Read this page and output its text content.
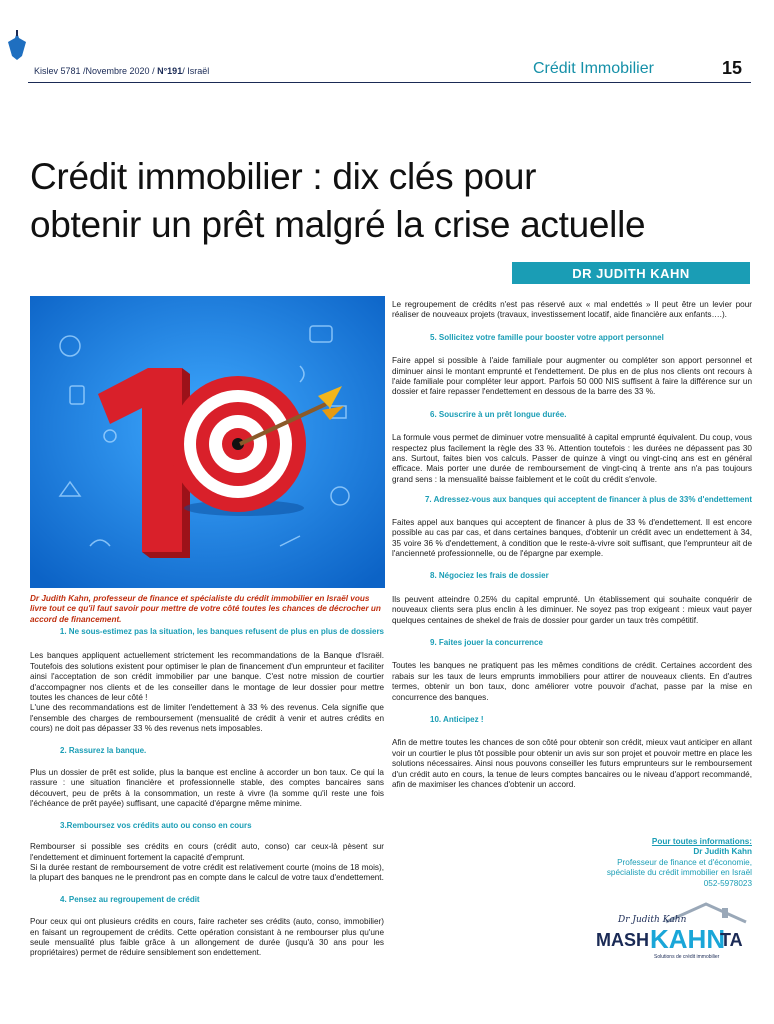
Kislev 5781 /Novembre 2020 / N°191/ Israël	Crédit Immobilier	15
Crédit immobilier : dix clés pour
obtenir un prêt malgré la crise actuelle
DR JUDITH KAHN
Dr Judith Kahn, professeur de finance et spécialiste du crédit immobilier en Israël vous livre tout ce qu'il faut savoir pour mettre de votre côté toutes les chances de décrocher un accord de financement.

1. Ne sous-estimez pas la situation, les banques refusent de plus en plus de dossiers

Les banques appliquent actuellement strictement les recommandations de la Banque d'Israël. Toutefois des solutions existent pour optimiser le plan de financement d'un emprunteur et faciliter ainsi l'acceptation de son crédit immobilier par une banque. C'est notre mission de courtier d'accompagner nos clients et de les conseiller dans le montage de leur dossier pour mettre toutes les chances de leur côté !

L'une des recommandations est de limiter l'endettement à 33 % des revenus. Cela signifie que l'ensemble des charges de remboursement (mensualité de crédit à venir et autres crédits en cours) ne doit pas dépasser 33 % des revenus nets imposables.

2. Rassurez la banque.

Plus un dossier de prêt est solide, plus la banque est encline à accorder un bon taux. Ce qui la rassure : une situation financière et professionnelle stable, des comptes bancaires sans découvert, peu de prêts à la consommation, un reste à vivre (la somme qu'il reste une fois l'échéance de prêt payée) suffisant, une capacité d'épargne même minime.

3.Remboursez vos crédits auto ou conso en cours

Rembourser si possible ses crédits en cours (crédit auto, conso) car ceux-là pèsent sur l'endettement et diminuent fortement la capacité d'emprunt.

Si la durée restant de remboursement de votre crédit est relativement courte (moins de 18 mois), la plupart des banques ne le prendront pas en compte dans le calcul de votre taux d'endettement.

4. Pensez au regroupement de crédit

Pour ceux qui ont plusieurs crédits en cours, faire racheter ses crédits (auto, conso, immobilier) en faisant un regroupement de crédits. Cette opération consistant à ne rembourser plus qu'une seule mensualité plus faible grâce à un allongement de durée (jusqu'à 30 ans pour les propriétaires) permet de réduire sensiblement son endettement.

Le regroupement de crédits n'est pas réservé aux « mal endettés » Il peut être un levier pour réaliser de nouveaux projets (travaux, investissement locatif, aide financière aux enfants….).

5. Sollicitez votre famille pour booster votre apport personnel

Faire appel si possible à l'aide familiale pour augmenter ou compléter son apport personnel et diminuer ainsi le montant emprunté et l'endettement. De plus en de plus nos clients ont recours à l'aide familiale pour compléter leur apport. Parfois 50 000 NIS suffisent à faire la différence sur un dossier et faire repasser l'endettement en dessous de la barre des 33 %.

6. Souscrire à un prêt longue durée.

La formule vous permet de diminuer votre mensualité à capital emprunté équivalent. Du coup, vous respectez plus facilement la règle des 33 %. Attention toutefois : les durées ne dépassent pas 30 ans. Surtout, faites bien vos calculs. Passer de quinze à vingt ou vingt-cinq ans est en général efficace. Mais porter une durée de remboursement de vingt-cinq à trente ans n'a pas toujours grand sens : la mensualité baisse faiblement et le coût du crédit s'envole.

7. Adressez-vous aux banques qui acceptent de financer à plus de 33% d'endettement

Faites appel aux banques qui acceptent de financer à plus de 33 % d'endettement. Il est encore possible au cas par cas, et dans certaines banques, d'obtenir un crédit avec un endettement à 34, 35 voire 36 % d'endettement, à condition que le reste-à-vivre soit suffisant, que l'emprunteur ait de l'ancienneté professionnelle, ou de l'épargne par exemple.

8. Négociez les frais de dossier

Ils peuvent atteindre 0.25% du capital emprunté. Un établissement qui souhaite conquérir de nouveaux clients sera plus enclin à les diminuer. Ne soyez pas trop exigeant : mieux vaut payer quelques centaines de shekel de frais de dossier pour garder un taux très compétitif.

9. Faites jouer la concurrence

Toutes les banques ne pratiquent pas les mêmes conditions de crédit. Certaines accordent des rabais sur les taux de leurs emprunts immobiliers pour attirer de nouveaux clients. En d'autres termes, obtenir un bon taux, donc améliorer votre pouvoir d'achat, passe par la mise en concurrence des banques.

10. Anticipez !

Afin de mettre toutes les chances de son côté pour obtenir son crédit, mieux vaut anticiper en allant voir un courtier le plus tôt possible pour obtenir un avis sur son projet et pouvoir mettre en place les solutions nécessaires. Ainsi nous pouvons conseiller les futurs emprunteurs sur le remboursement d'un crédit auto en cours, la tenue de leurs comptes bancaires ou le niveau d'apport recommandé, afin de maximiser les chances d'obtenir un accord.

Pour toutes informations:
Dr Judith Kahn
Professeur de finance et d'économie,
spécialiste du crédit immobilier en Israël
052-5978023
Dr Judith Kahn
MASH KAHN
TA
Solutions de crédit immobilier
